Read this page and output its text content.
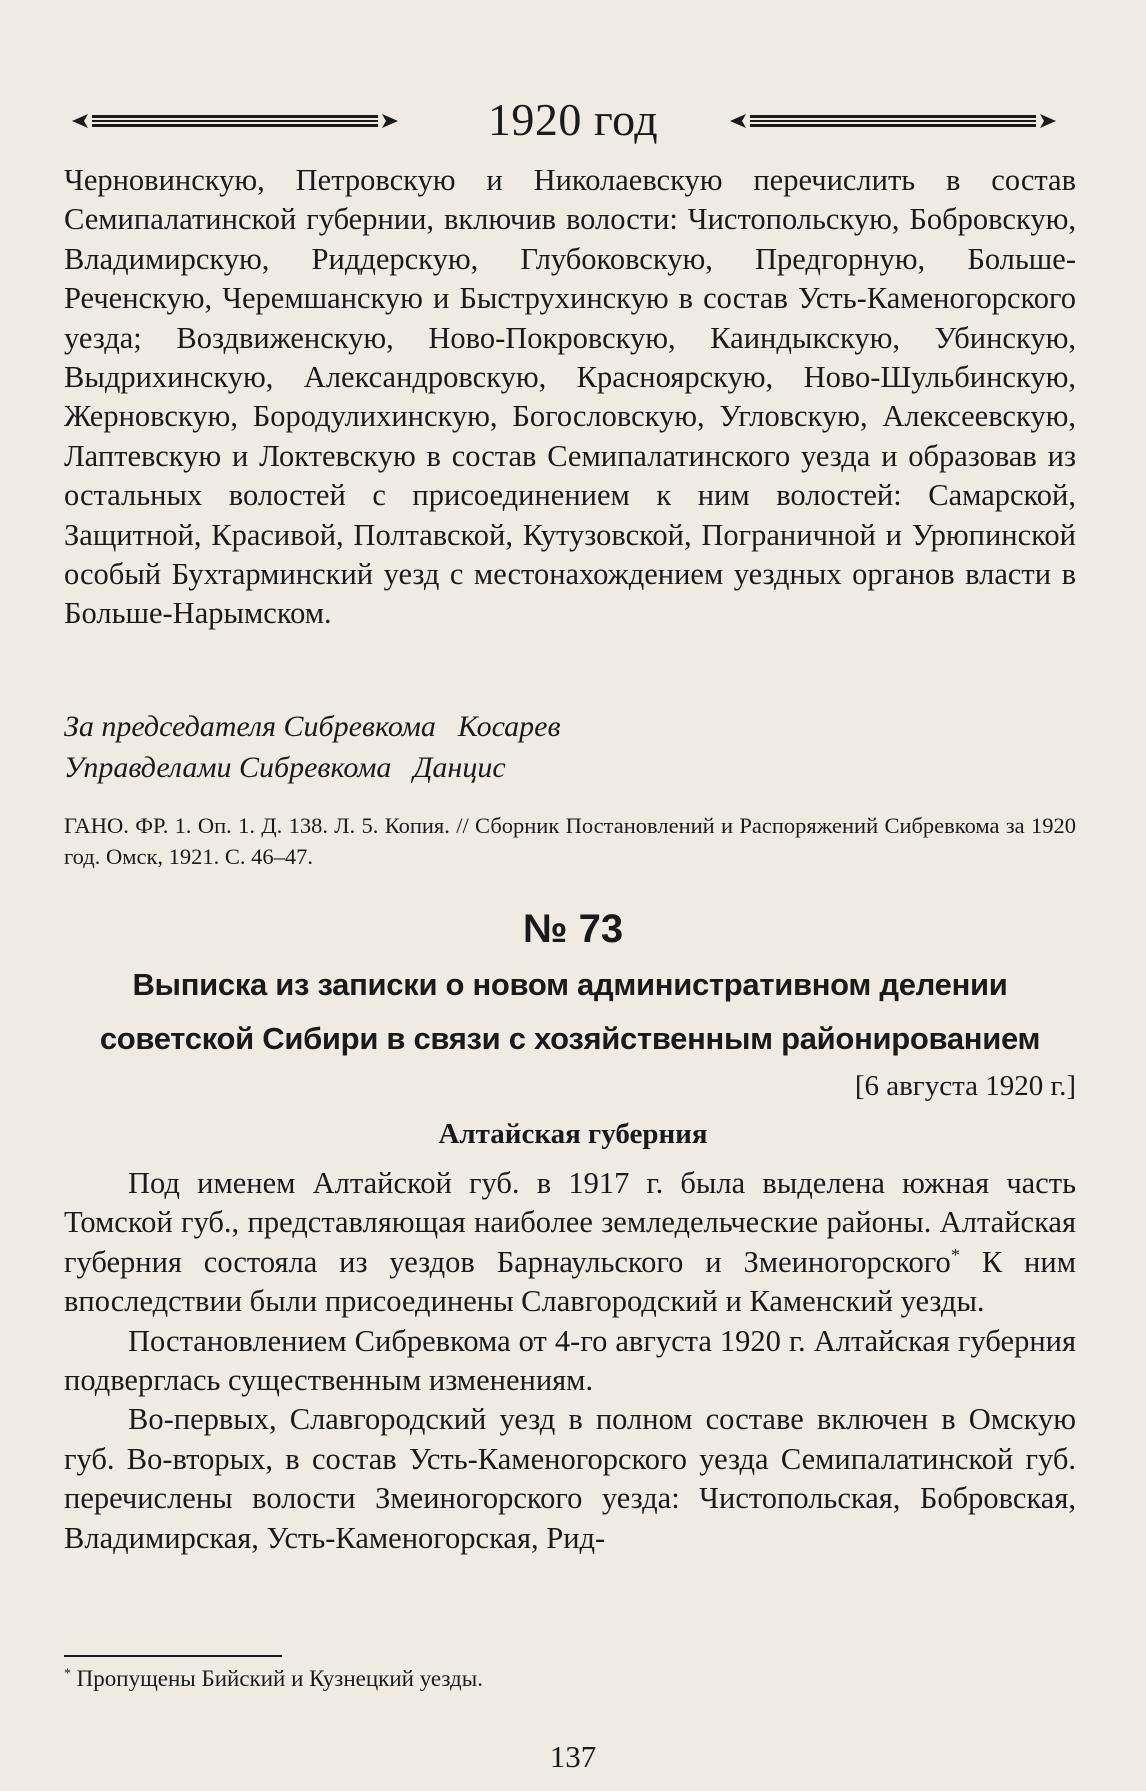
1920 год

Черновинскую, Петровскую и Николаевскую перечислить в состав Семипалатинской губернии, включив волости: Чистопольскую, Бобровскую, Владимирскую, Риддерскую, Глубоковскую, Предгорную, Больше-Реченскую, Черемшанскую и Быструхинскую в состав Усть-Каменогорского уезда; Воздвиженскую, Ново-Покровскую, Каиндыкскую, Убинскую, Выдрихинскую, Александровскую, Красноярскую, Ново-Шульбинскую, Жерновскую, Бородулихинскую, Богословскую, Угловскую, Алексеевскую, Лаптевскую и Локтевскую в состав Семипалатинского уезда и образовав из остальных волостей с присоединением к ним волостей: Самарской, Защитной, Красивой, Полтавской, Кутузовской, Пограничной и Урюпинской особый Бухтарминский уезд с местонахождением уездных органов власти в Больше-Нарымском.

За председателя Сибревкома Косарев
Управделами Сибревкома Данцис
ГАНО. ФР. 1. Оп. 1. Д. 138. Л. 5. Копия. // Сборник Постановлений и Распоряжений Сибревкома за 1920 год. Омск, 1921. С. 46–47.
№ 73
Выписка из записки о новом административном делении
советской Сибири в связи с хозяйственным районированием
[6 августа 1920 г.]
Алтайская губерния

Под именем Алтайской губ. в 1917 г. была выделена южная часть Томской губ., представляющая наиболее земледельческие районы. Алтайская губерния состояла из уездов Барнаульского и Змеиногорского* К ним впоследствии были присоединены Славгородский и Каменский уезды.

Постановлением Сибревкома от 4-го августа 1920 г. Алтайская губерния подверглась существенным изменениям.

Во-первых, Славгородский уезд в полном составе включен в Омскую губ. Во-вторых, в состав Усть-Каменогорского уезда Семипалатинской губ. перечислены волости Змеиногорского уезда: Чистопольская, Бобровская, Владимирская, Усть-Каменогорская, Рид-

* Пропущены Бийский и Кузнецкий уезды.
137
